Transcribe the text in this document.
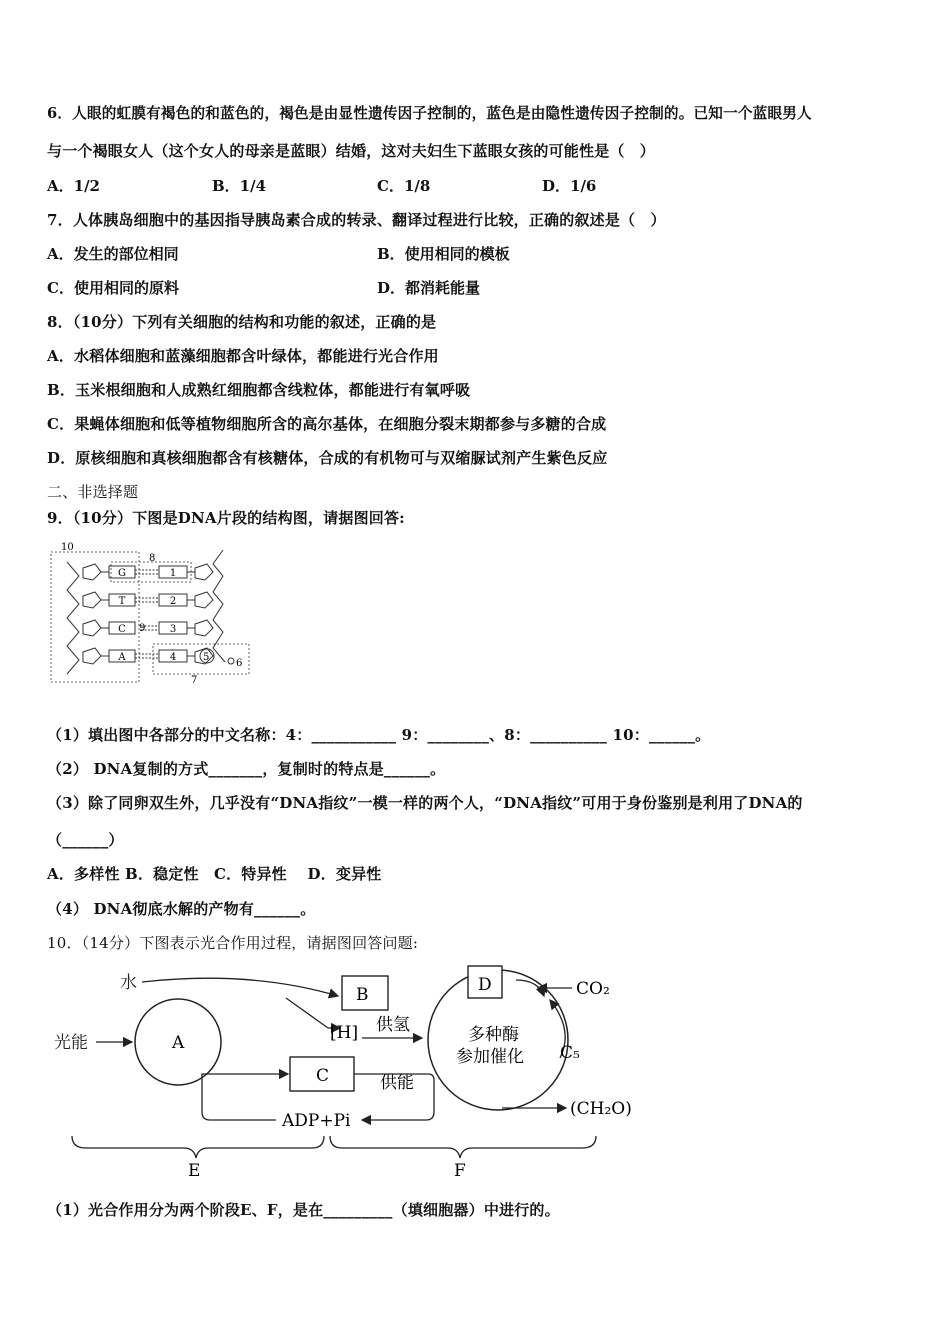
6．人眼的虹膜有褐色的和蓝色的，褐色是由显性遗传因子控制的，蓝色是由隐性遗传因子控制的。已知一个蓝眼男人
与一个褐眼女人（这个女人的母亲是蓝眼）结婚，这对夫妇生下蓝眼女孩的可能性是（　）
A．1/2	B．1/4	C．1/8	D．1/6
7．人体胰岛细胞中的基因指导胰岛素合成的转录、翻译过程进行比较，正确的叙述是（　）
A．发生的部位相同	B．使用相同的模板
C．使用相同的原料	D．都消耗能量
8．（10分）下列有关细胞的结构和功能的叙述，正确的是
A．水稻体细胞和蓝藻细胞都含叶绿体，都能进行光合作用
B．玉米根细胞和人成熟红细胞都含线粒体，都能进行有氧呼吸
C．果蝇体细胞和低等植物细胞所含的高尔基体，在细胞分裂末期都参与多糖的合成
D．原核细胞和真核细胞都含有核糖体，合成的有机物可与双缩脲试剂产生紫色反应
二、非选择题
9．（10分）下图是DNA片段的结构图，请据图回答:
10
8
9
7
5
6
G
T
C
A
1
2
3
4
（1）填出图中各部分的中文名称：4：___________ 9：________、8：__________ 10：______。
（2） DNA复制的方式_______，复制时的特点是______。
（3）除了同卵双生外，几乎没有“DNA指纹”一模一样的两个人，“DNA指纹”可用于身份鉴别是利用了DNA的
（______）
A．多样性 B．稳定性　C．特异性　 D．变异性
（4） DNA彻底水解的产物有______。
10．（14分）下图表示光合作用过程，请据图回答问题:
水
光能	A
B
[H] 供氢
C	供能
ADP+Pi
多种酶
参加催化
D	CO₂
C₅
(CH₂O)
E	F
（1）光合作用分为两个阶段E、F，是在_________（填细胞器）中进行的。
